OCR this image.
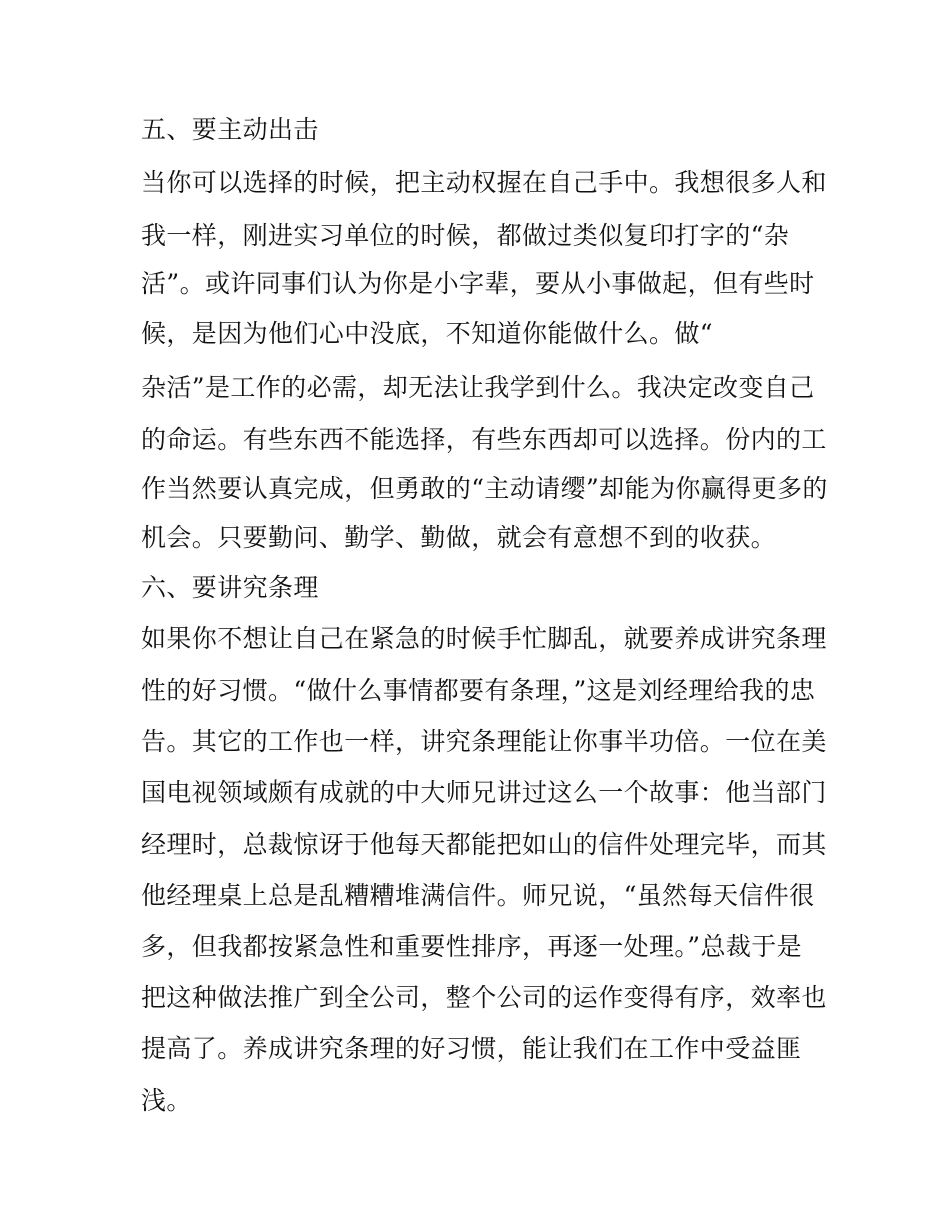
五、要主动出击
当你可以选择的时候，把主动权握在自己手中。我想很多人和
我一样，刚进实习单位的时候，都做过类似复印打字的“杂
活”。或许同事们认为你是小字辈，要从小事做起，但有些时
候，是因为他们心中没底，不知道你能做什么。做“
杂活”是工作的必需，却无法让我学到什么。我决定改变自己
的命运。有些东西不能选择，有些东西却可以选择。份内的工
作当然要认真完成，但勇敢的“主动请缨”却能为你赢得更多的
机会。只要勤问、勤学、勤做，就会有意想不到的收获。
六、要讲究条理
如果你不想让自己在紧急的时候手忙脚乱，就要养成讲究条理
性的好习惯。“做什么事情都要有条理，”这是刘经理给我的忠
告。其它的工作也一样，讲究条理能让你事半功倍。一位在美
国电视领域颇有成就的中大师兄讲过这么一个故事：他当部门
经理时，总裁惊讶于他每天都能把如山的信件处理完毕，而其
他经理桌上总是乱糟糟堆满信件。师兄说，“虽然每天信件很
多，但我都按紧急性和重要性排序，再逐一处理。”总裁于是
把这种做法推广到全公司，整个公司的运作变得有序，效率也
提高了。养成讲究条理的好习惯，能让我们在工作中受益匪
浅。
